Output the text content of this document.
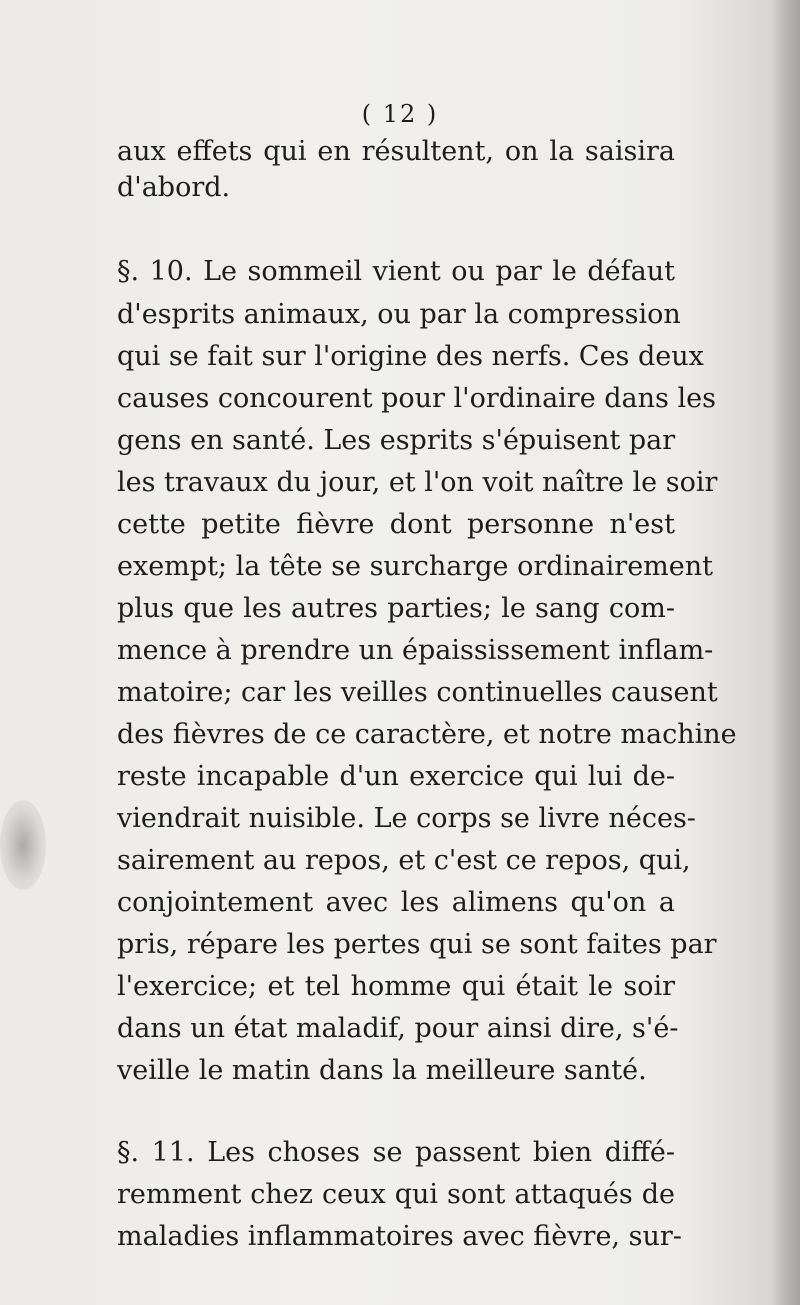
( 12 )
aux effets qui en résultent, on la saisira
d'abord.
§. 10. Le sommeil vient ou par le défaut
d'esprits animaux, ou par la compression
qui se fait sur l'origine des nerfs. Ces deux
causes concourent pour l'ordinaire dans les
gens en santé. Les esprits s'épuisent par
les travaux du jour, et l'on voit naître le soir
cette petite fièvre dont personne n'est
exempt; la tête se surcharge ordinairement
plus que les autres parties; le sang com-
mence à prendre un épaississement inflam-
matoire; car les veilles continuelles causent
des fièvres de ce caractère, et notre machine
reste incapable d'un exercice qui lui de-
viendrait nuisible. Le corps se livre néces-
sairement au repos, et c'est ce repos, qui,
conjointement avec les alimens qu'on a
pris, répare les pertes qui se sont faites par
l'exercice; et tel homme qui était le soir
dans un état maladif, pour ainsi dire, s'é-
veille le matin dans la meilleure santé.
§. 11. Les choses se passent bien diffé-
remment chez ceux qui sont attaqués de
maladies inflammatoires avec fièvre, sur-
